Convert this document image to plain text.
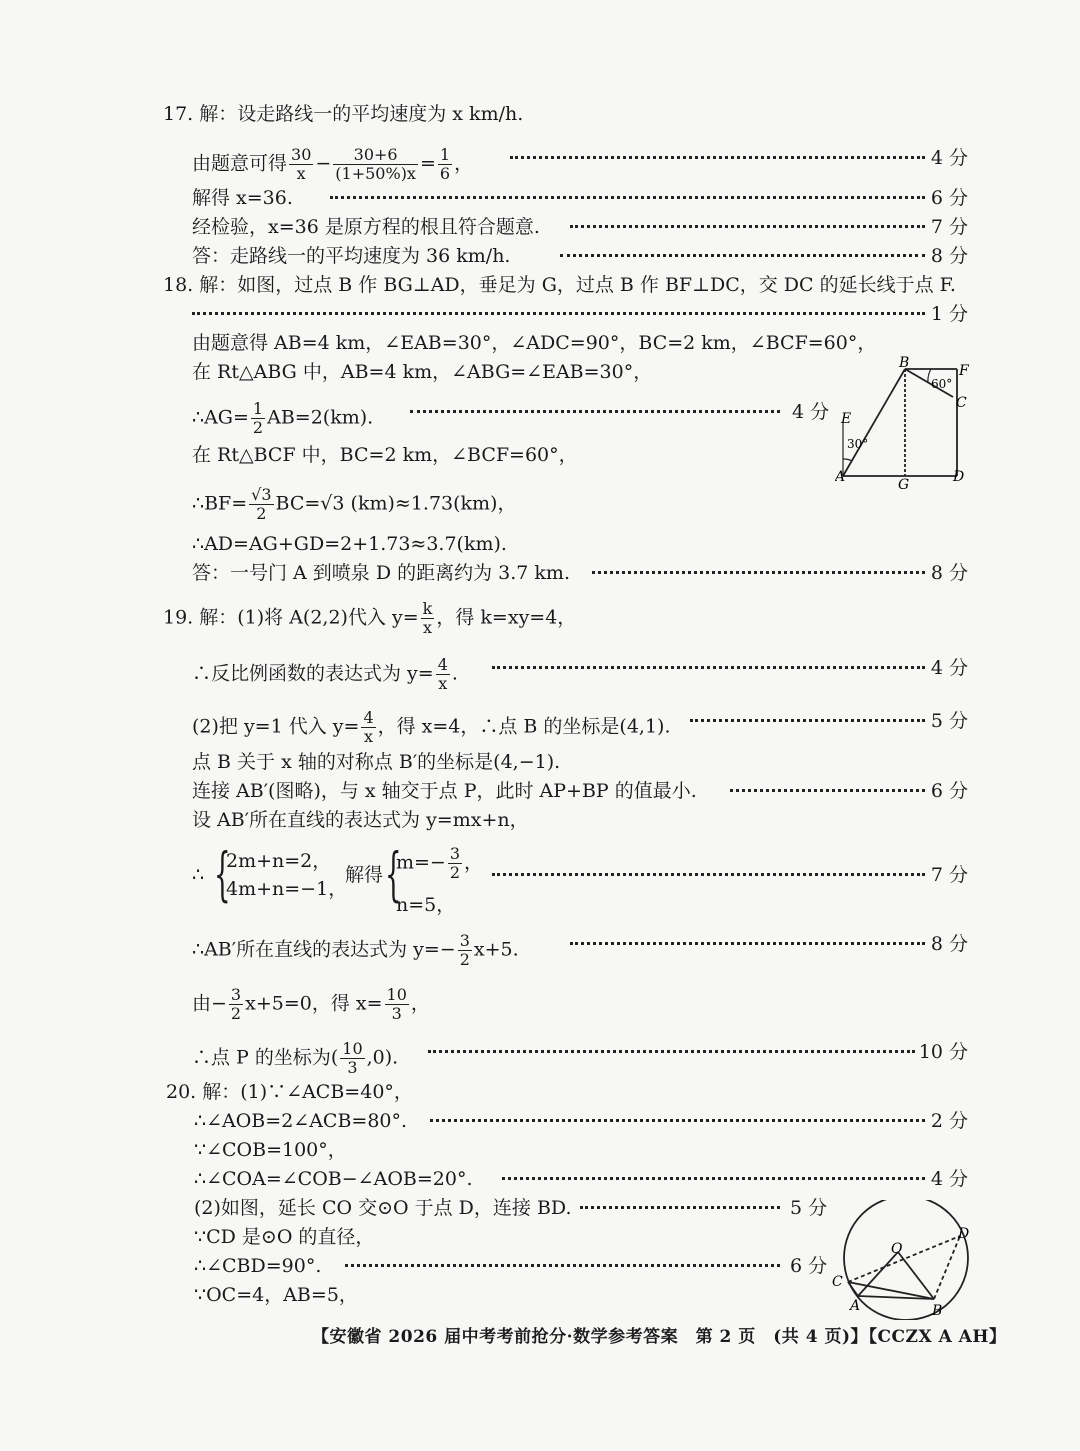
17. 解：设走路线一的平均速度为 x km/h.
由题意可得 $\frac{30}{x} - \frac{30+6}{(1+50\%)x} = \frac{1}{6}$ ，	4 分
解得 x=36.	6 分
经检验，x=36 是原方程的根且符合题意.	7 分
答：走路线一的平均速度为 36 km/h.	8 分
18. 解：如图，过点 B 作 BG⊥AD，垂足为 G，过点 B 作 BF⊥DC，交 DC 的延长线于点 F.
1 分
由题意得 AB=4 km，∠EAB=30°，∠ADC=90°，BC=2 km，∠BCF=60°，
在 Rt△ABG 中，AB=4 km，∠ABG=∠EAB=30°，
∴AG= $\frac{1}{2} AB=2(km)$.	4 分
在 Rt△BCF 中，BC=2 km，∠BCF=60°，
∴BF= $\frac{√3}{2} BC=√3$ (km)≈1.73(km)，
∴AD=AG+GD=2+1.73≈3.7(km).
答：一号门 A 到喷泉 D 的距离约为 3.7 km.	8 分
B	F
C
E
A	G	D
30°
60°
19. 解：(1)将 A(2,2)代入 $y= \frac{k}{x}$ ，得 k=xy=4，
∴反比例函数的表达式为 $y= \frac{4}{x}$ .	4 分
(2)把 y=1 代入 $y= \frac{4}{x}$ ，得 x=4，∴点 B 的坐标是(4,1).	5 分
点 B 关于 x 轴的对称点 B′的坐标是(4,−1).
连接 AB′(图略)，与 x 轴交于点 P，此时 AP+BP 的值最小.	6 分
设 AB′所在直线的表达式为 y=mx+n，
∴ {
2m+n=2，
4m+n=−1，
解得 {
$m=- \frac{3}{2}$ ，
n=5，
7 分
∴AB′所在直线的表达式为 $y=- \frac{3}{2} x+5$.	8 分
由− $\frac{3}{2} x+5=0$，得 $x= \frac{10}{3}$ ，
∴点 P 的坐标为( $\frac{10}{3} ,0$).	10 分
20. 解：(1)∵∠ACB=40°，
∴∠AOB=2∠ACB=80°.	2 分
∵∠COB=100°，
∴∠COA=∠COB−∠AOB=20°.	4 分
(2)如图，延长 CO 交⊙O 于点 D，连接 BD.	5 分
∵CD 是⊙O 的直径，
∴∠CBD=90°.	6 分
∵OC=4，AB=5，
O
D
C
A	B
【安徽省 2026 届中考考前抢分·数学参考答案　第 2 页　(共 4 页)】
【CCZX A AH】
